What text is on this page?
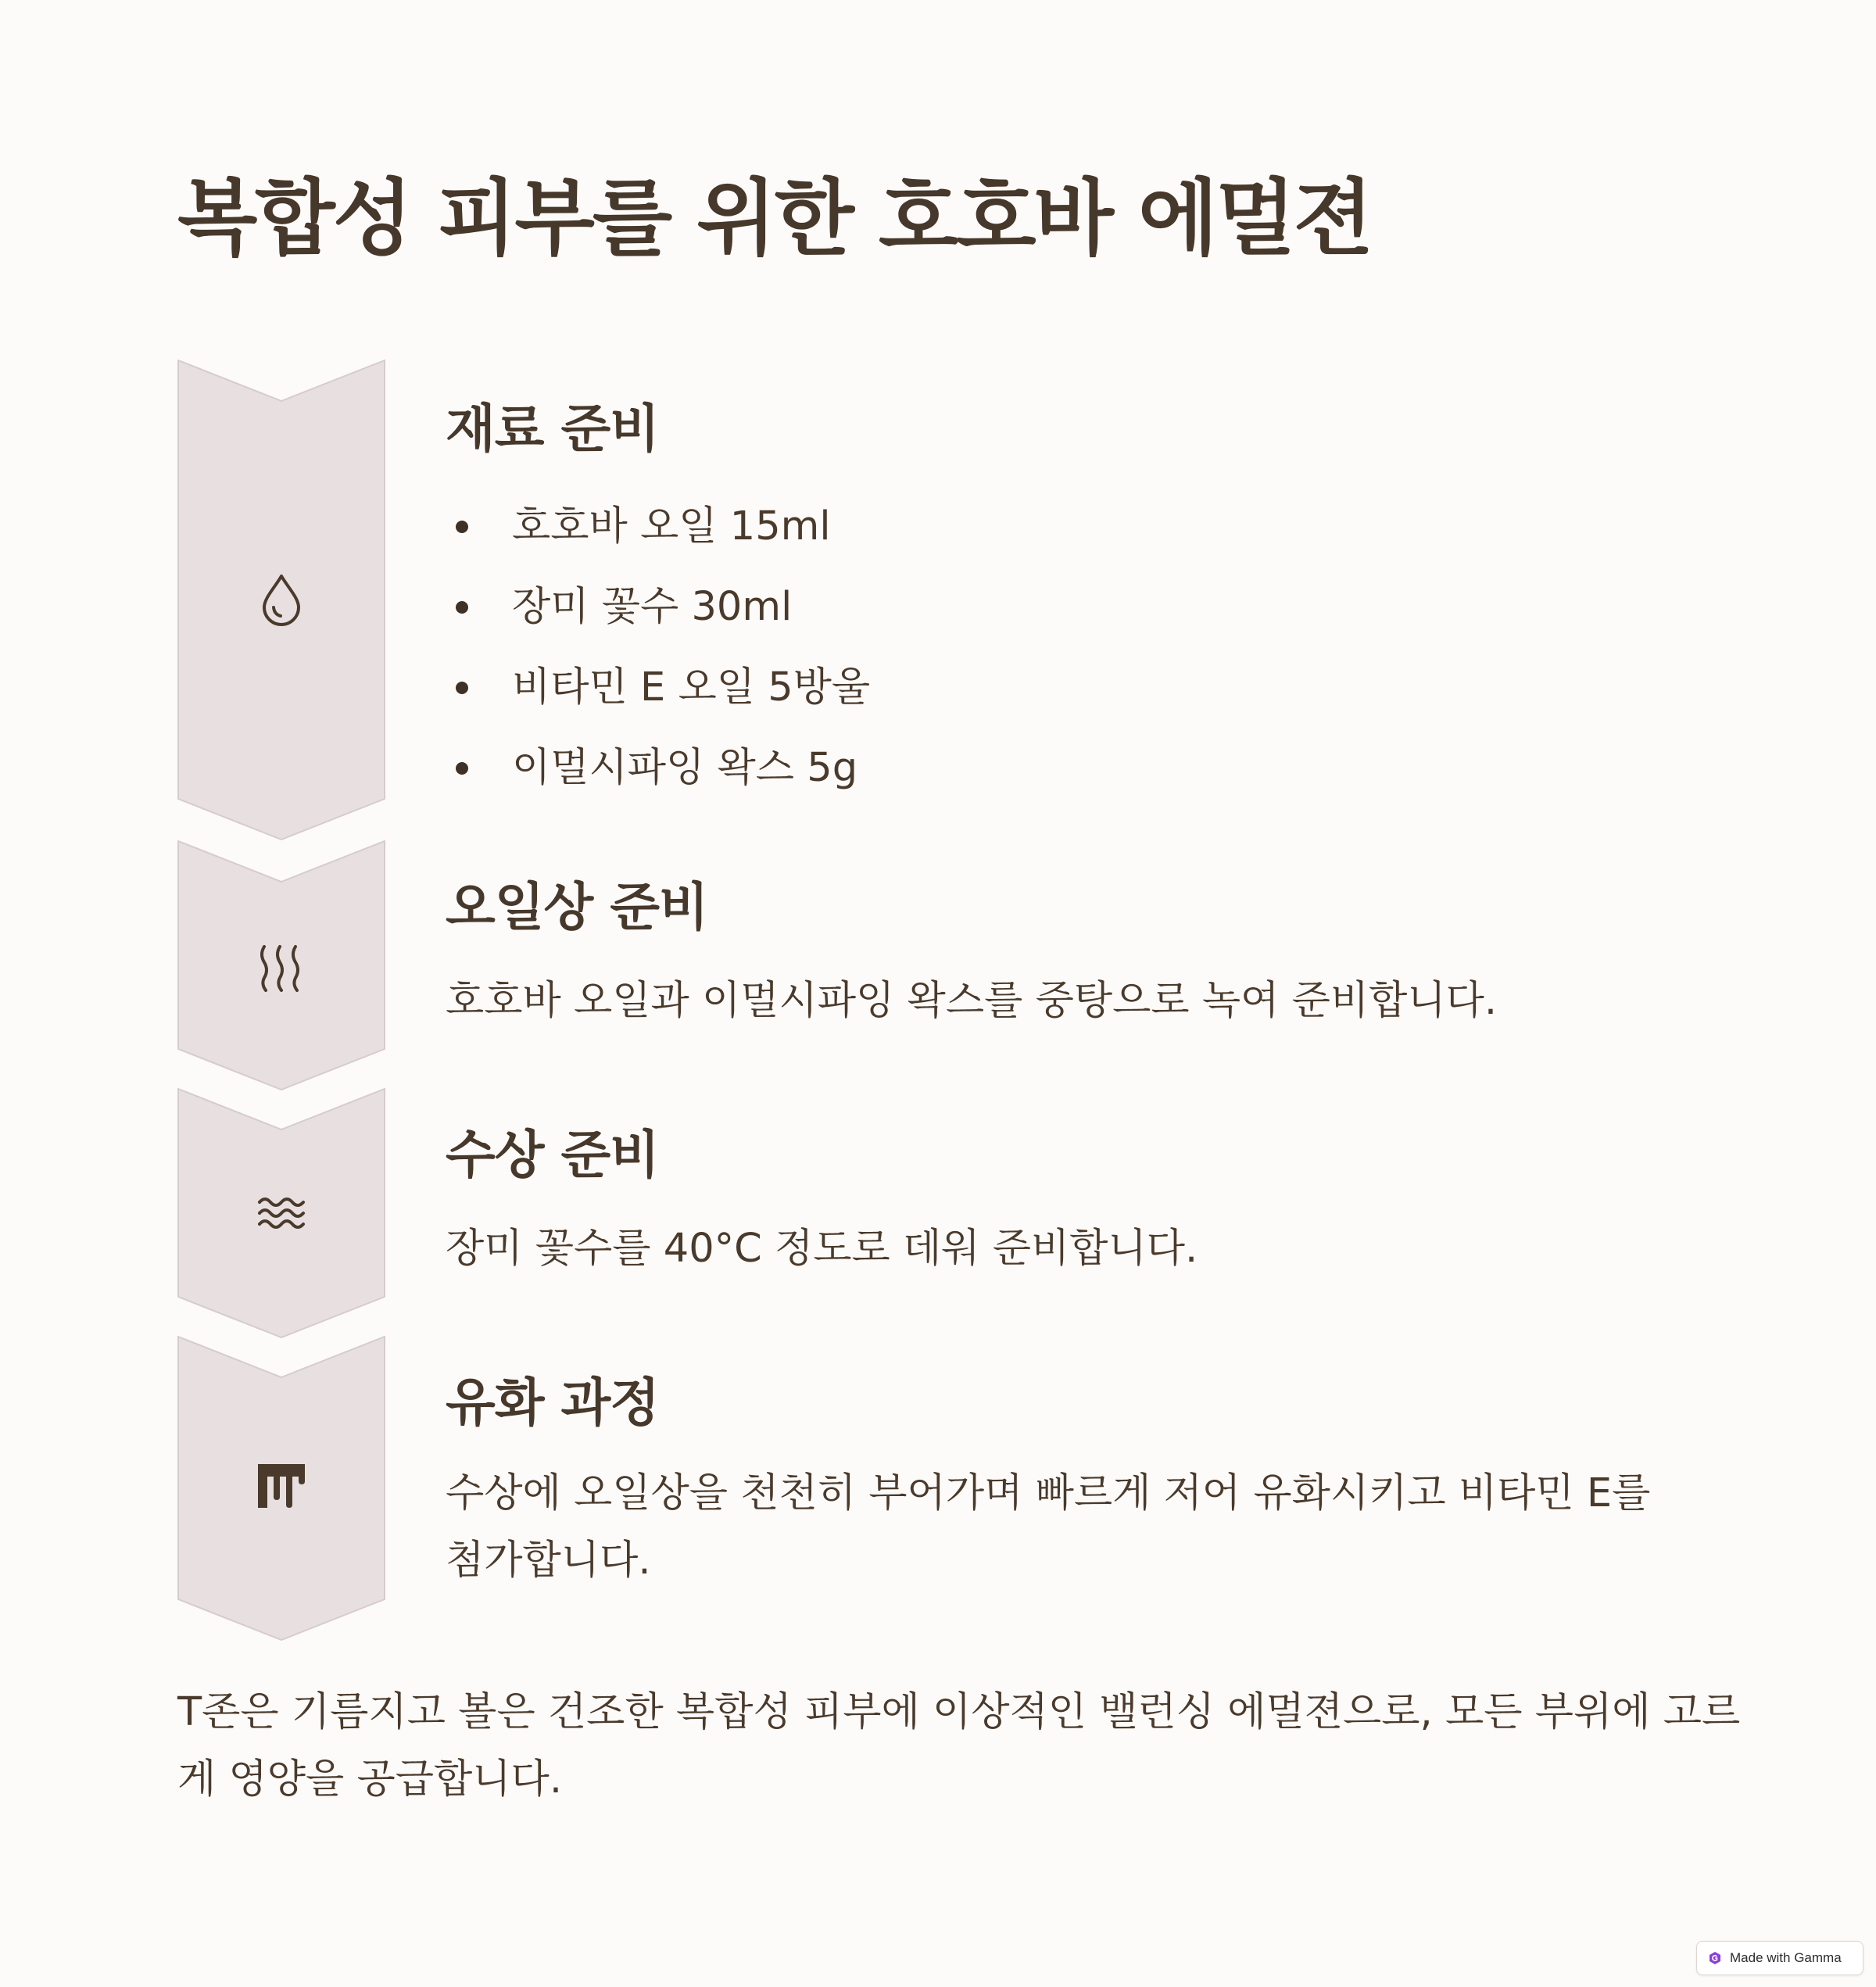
복합성 피부를 위한 호호바 에멀젼
재료 준비
호호바 오일 15ml
장미 꽃수 30ml
비타민 E 오일 5방울
이멀시파잉 왁스 5g
오일상 준비

호호바 오일과 이멀시파잉 왁스를 중탕으로 녹여 준비합니다.

수상 준비

장미 꽃수를 40°C 정도로 데워 준비합니다.

유화 과정

수상에 오일상을 천천히 부어가며 빠르게 저어 유화시키고 비타민 E를 첨가합니다.

T존은 기름지고 볼은 건조한 복합성 피부에 이상적인 밸런싱 에멀젼으로, 모든 부위에 고르게 영양을 공급합니다.

Made with Gamma
